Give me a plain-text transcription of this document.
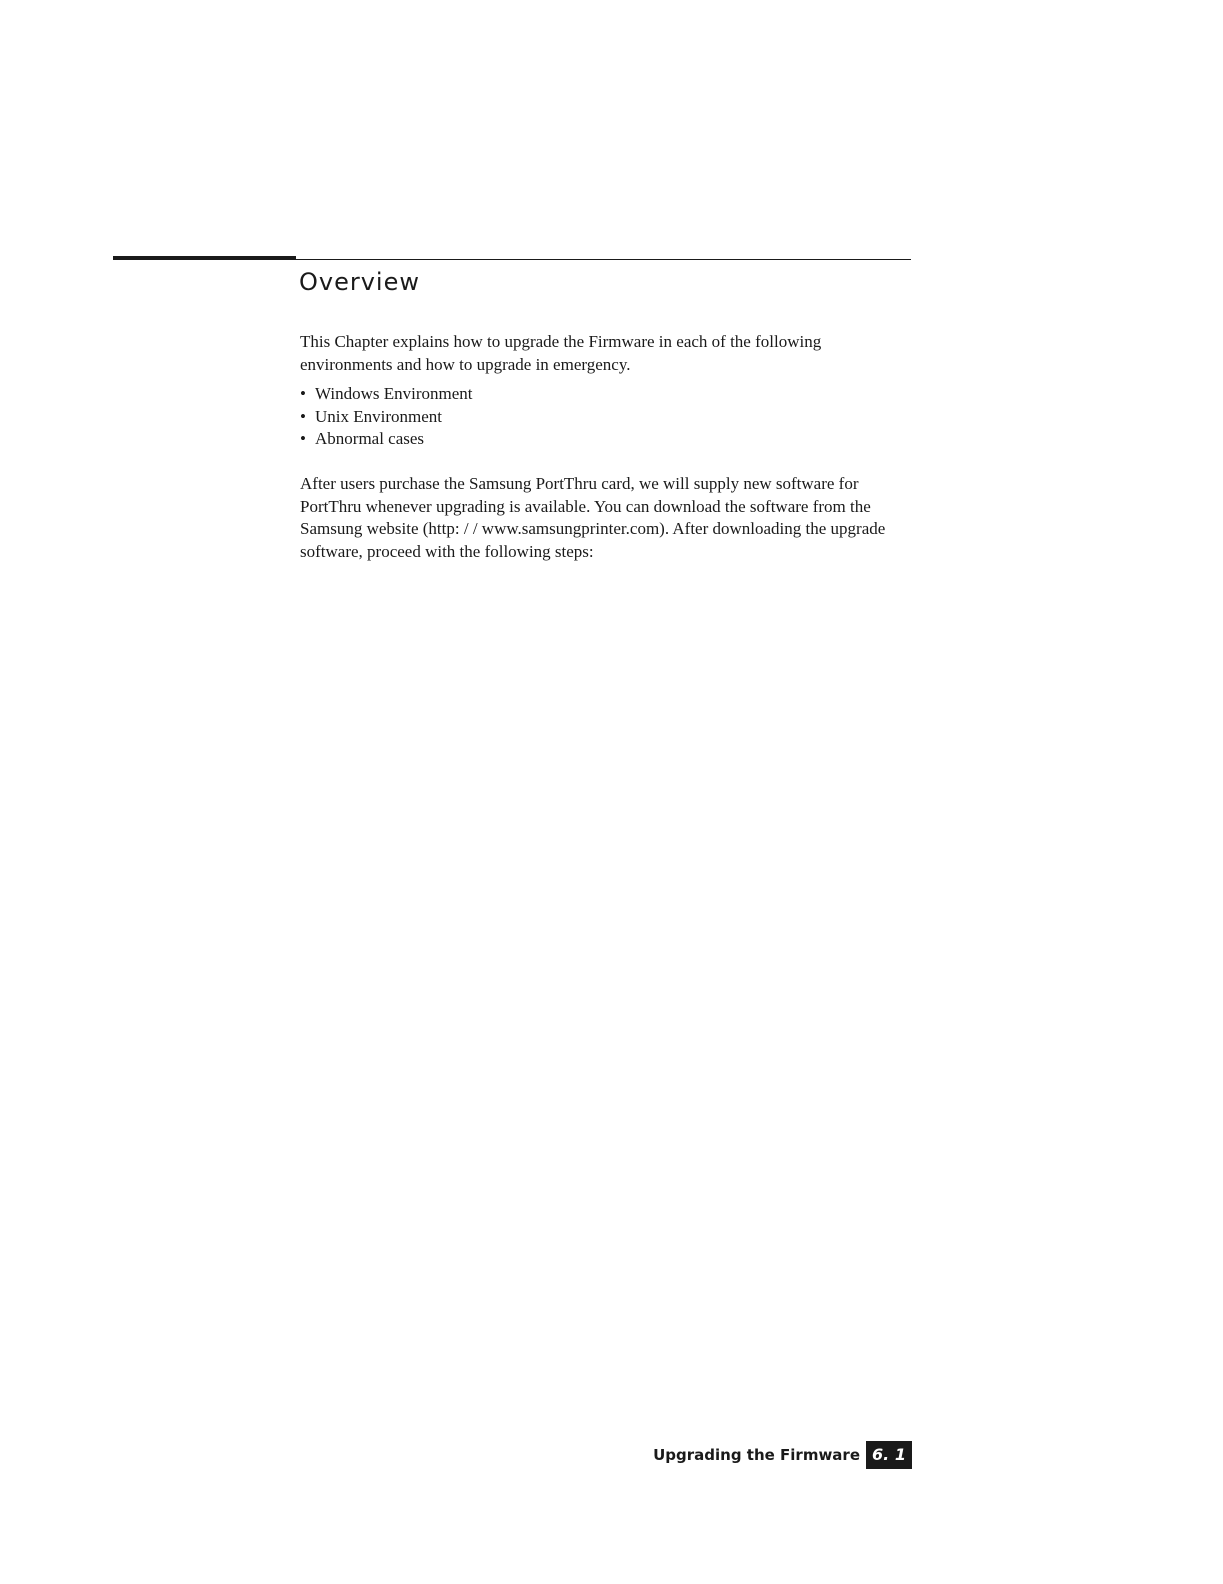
Overview

This Chapter explains how to upgrade the Firmware in each of the following environments and how to upgrade in emergency.

• Windows Environment
• Unix Environment
• Abnormal cases

After users purchase the Samsung PortThru card, we will supply new software for PortThru whenever upgrading is available. You can download the software from the Samsung website (http: / / www.samsungprinter.com). After downloading the upgrade software, proceed with the following steps:

Upgrading the Firmware 6. 1
